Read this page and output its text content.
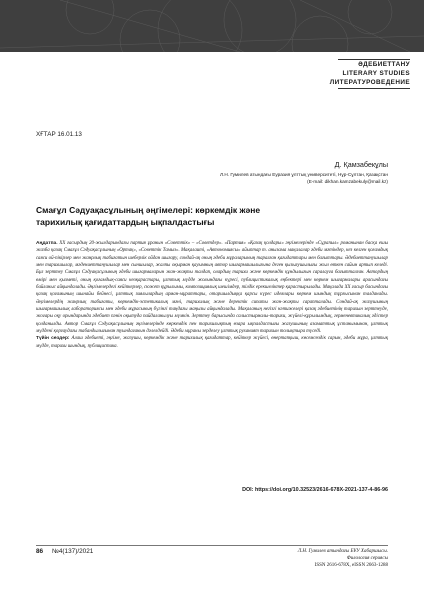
ӘДЕБИЕТТАНУ
LITERARY STUDIES
ЛИТЕРАТУРОВЕДЕНИЕ
ХҒТАР 16.01.13
Д. Қамзабекұлы
Л.Н. Гумилев атындағы Еуразия ұлттық университеті, Нұр-Сұлтан, Қазақстан
(E-mail: dikhan.kamzabekuly@mail.kz)
Смағұл Сәдуақасұлының әңгімелері: көркемдік және
тарихилық қағидаттардың ықпалдастығы

Аңдатпа. XX ғасырдың 20-жылдарындағы партия ұранын «Советтік» – «Советдер». «Партия» «Қазақ қолдары» әңгімелерінде «Сұрапыл» романынан басқа ешы жазба қазақ Смағұл Сәдуақасұлының «Ортақ», «Советтік Тамыз». Мақалаиті, «Автономиясы» айыптар т. анызама мақалалар әдеби мәтіндер, кез келген қоғамдық саяси ой-пікірлер мен жанрлық табиғатын шеберлік ойдан шығару, сондай-ақ оның әдеби мұраларының таралған қағидаттары мен бағыттары. Әдебиеттанушылар мен тарихшылар, мәдениеттанушылар мен сыншылар, жалпы оқырман қауымның автор шығармашылығына деген қызығушылығы жыл өткен сайын артып келеді. Бұл зерттеу Смағұл Сәдуақасұлының әдеби шығармаларын жан-жақты талдап, олардың тарихи және көркемдік құндылығын саралауға бағытталған. Автордың өмірі мен қызметі, оның қоғамдық-саяси көзқарастары, ұлттық мүдде жолындағы күресі, публицистикалық еңбектері мен көркем шығармалары арасындағы байланыс айқындалады. Әңгімелердегі кейіпкерлер, сюжет құрылымы, композициялық шешімдер, тілдік ерекшеліктер қарастырылады. Мақалада XX ғасыр басындағы қазақ қоғамының шынайы бейнесі, ұлттық зиялылардың арман-мұраттары, отаршылдыққа қарсы күрес идеялары көркем шындық тұрғысынан талданады. Әңгімелердің жанрлық табиғаты, көркемдік-эстетикалық мәні, тарихилық және деректік сипаты жан-жақты сарапталады. Сондай-ақ жазушының шығармашылық лабораториясы мен әдеби мұрасының бүгінгі таңдағы маңызы айқындалады. Мақаланың негізгі нәтижелері қазақ әдебиетінің тарихын зерттеуде, жоғары оқу орындарында әдебиет пәнін оқытуда пайдаланылуы мүмкін. Зерттеу барысында салыстырмалы-тарихи, жүйелі-құрылымдық, герменевтикалық әдістер қолданылды. Автор Смағұл Сәдуақасұлының әңгімелерінде көркемдік пен тарихилықтың өзара ықпалдастығы жазушының азаматтық ұстанымынан, ұлттық мүддені қорғаудағы табандылығынан туындағанын дәлелдейді. Әдеби мұраны зерделеу ұлттық руханият тарихын толықтыра түседі.

Түйін сөздер: Алаш әдебиеті, әңгіме, жазушы, көркемдік және тарихилық қағидаттар, кейіпкер жүйесі, өнертапқыш, көсемсөздік сарын, әдеби мұра, ұлттық мүдде, тарихи шындық, публицистика.

DOI: https://doi.org/10.32523/2616-678X-2021-137-4-86-96
86 №4(137)/2021	Л.Н. Гумилев атындағы ЕҰУ Хабаршысы.
Филология сериясы
ISSN 2616-678X, eISSN 2663-1288
